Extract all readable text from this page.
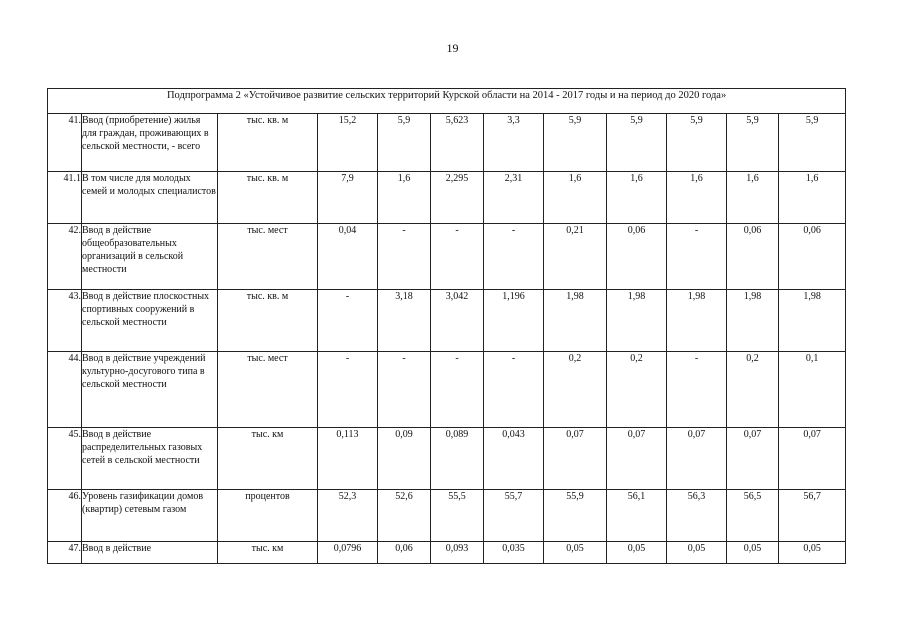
19
Подпрограмма 2 «Устойчивое развитие сельских территорий Курской области на 2014 - 2017 годы и на период до 2020 года»											
41.	Ввод (приобретение) жилья для граждан, проживающих в сельской местности, - всего	тыс. кв. м	15,2	5,9	5,623	3,3	5,9	5,9	5,9	5,9	5,9
41.1	В том числе для молодых семей и молодых специалистов	тыс. кв. м	7,9	1,6	2,295	2,31	1,6	1,6	1,6	1,6	1,6
42.	Ввод в действие общеобразовательных организаций в сельской местности	тыс. мест	0,04	-	-	-	0,21	0,06	-	0,06	0,06
43.	Ввод в действие плоскостных спортивных сооружений в сельской местности	тыс. кв. м	-	3,18	3,042	1,196	1,98	1,98	1,98	1,98	1,98
44.	Ввод в действие учреждений культурно-досугового типа в сельской местности	тыс. мест	-	-	-	-	0,2	0,2	-	0,2	0,1
45.	Ввод в действие распределительных газовых сетей в сельской местности	тыс. км	0,113	0,09	0,089	0,043	0,07	0,07	0,07	0,07	0,07
46.	Уровень газификации домов (квартир) сетевым газом	процентов	52,3	52,6	55,5	55,7	55,9	56,1	56,3	56,5	56,7
47.	Ввод в действие	тыс. км	0,0796	0,06	0,093	0,035	0,05	0,05	0,05	0,05	0,05
